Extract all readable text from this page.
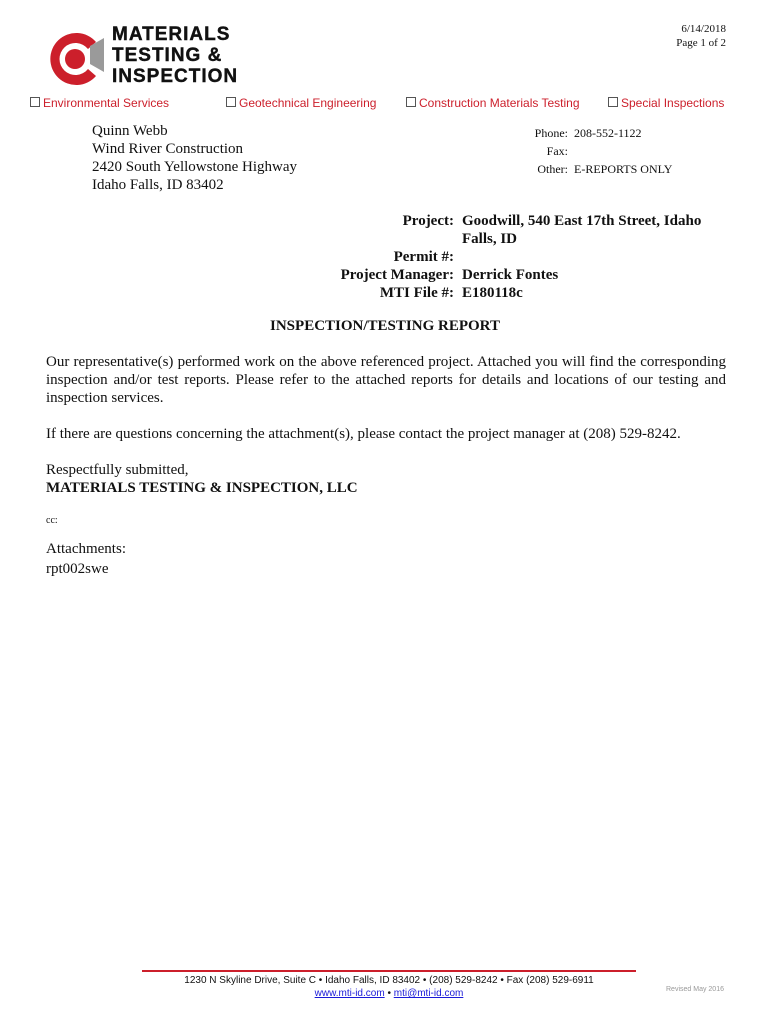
MATERIALS
TESTING &
INSPECTION
6/14/2018
Page 1 of 2
Environmental Services	Geotechnical Engineering	Construction Materials Testing	Special Inspections
Quinn Webb
Wind River Construction
2420 South Yellowstone Highway
Idaho Falls, ID 83402
Phone: 208-552-1122
Fax:
Other: E-REPORTS ONLY
Project: Goodwill, 540 East 17th Street, Idaho Falls, ID
Permit #:
Project Manager: Derrick Fontes
MTI File #: E180118c
INSPECTION/TESTING REPORT
Our representative(s) performed work on the above referenced project. Attached you will find the corresponding inspection and/or test reports. Please refer to the attached reports for details and locations of our testing and inspection services.
If there are questions concerning the attachment(s), please contact the project manager at (208) 529-8242.
Respectfully submitted,
MATERIALS TESTING & INSPECTION, LLC
cc:
Attachments:
rpt002swe
1230 N Skyline Drive, Suite C • Idaho Falls, ID 83402 • (208) 529-8242 • Fax (208) 529-6911
www.mti-id.com • mti@mti-id.com	Revised May 2016
